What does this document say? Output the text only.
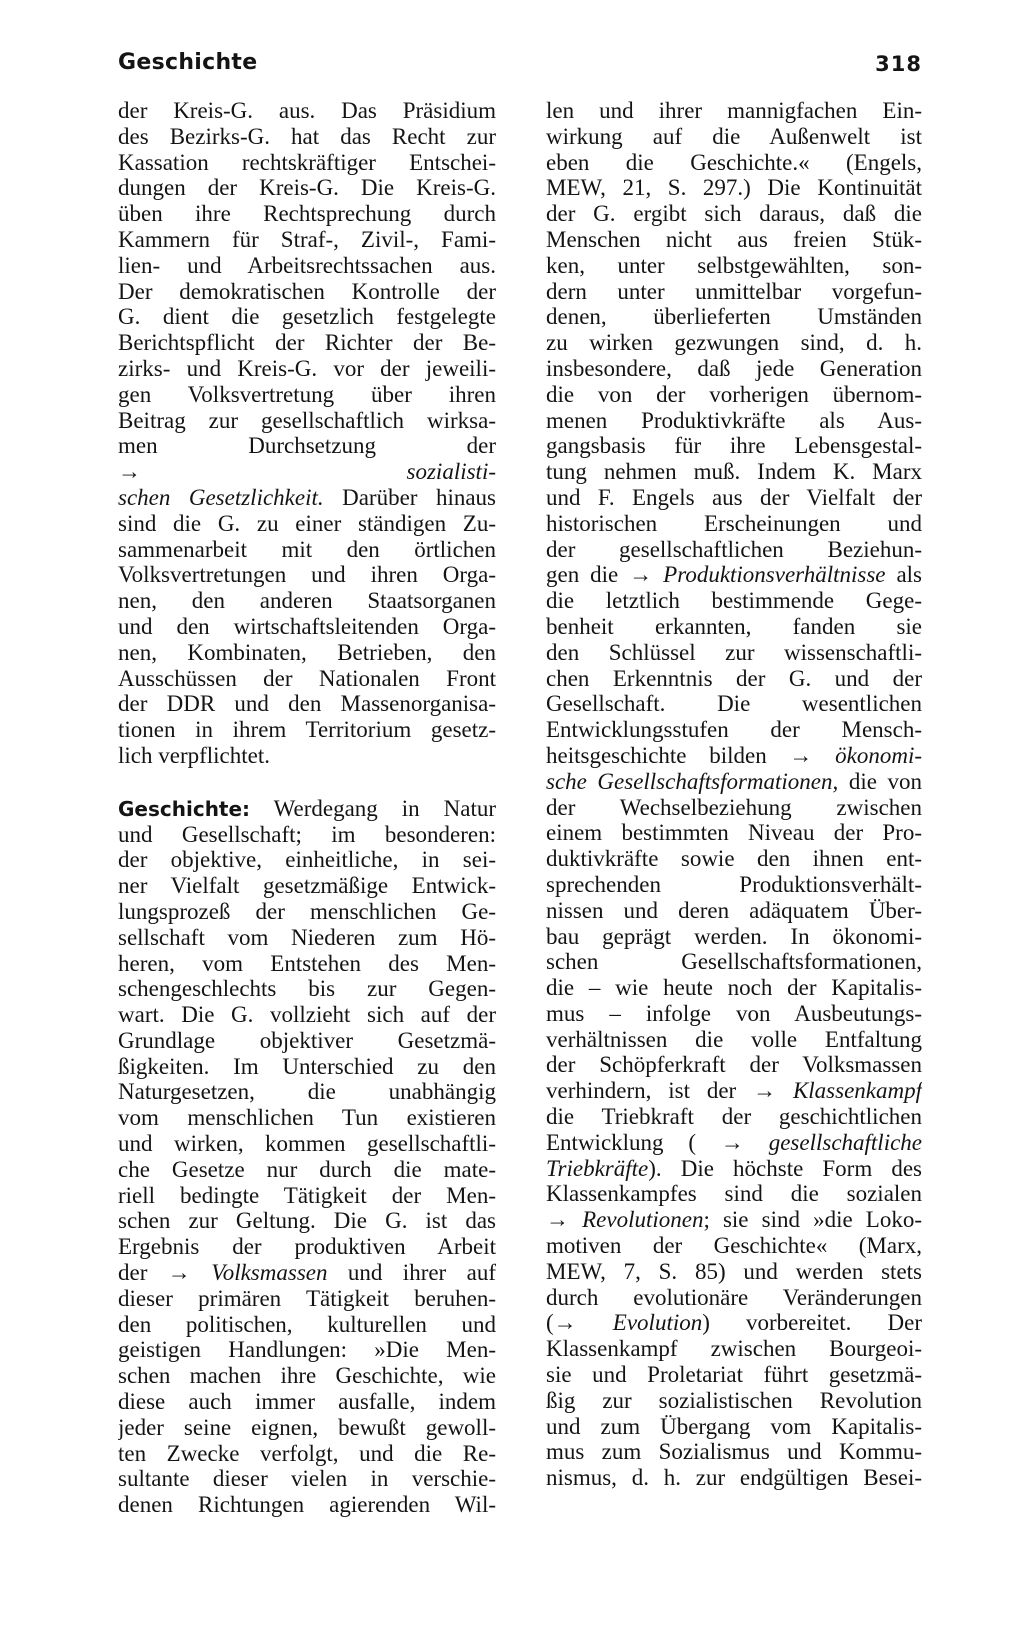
Geschichte	318
der Kreis-G. aus. Das Präsidium
des Bezirks-G. hat das Recht zur
Kassation rechtskräftiger Entschei-
dungen der Kreis-G. Die Kreis-G.
üben ihre Rechtsprechung durch
Kammern für Straf-, Zivil-, Fami-
lien- und Arbeitsrechtssachen aus.
Der demokratischen Kontrolle der
G. dient die gesetzlich festgelegte
Berichtspflicht der Richter der Be-
zirks- und Kreis-G. vor der jeweili-
gen Volksvertretung über ihren
Beitrag zur gesellschaftlich wirksa-
men Durchsetzung der
→	sozialisti-
schen Gesetzlichkeit. Darüber hinaus
sind die G. zu einer ständigen Zu-
sammenarbeit mit den örtlichen
Volksvertretungen und ihren Orga-
nen, den anderen Staatsorganen
und den wirtschaftsleitenden Orga-
nen, Kombinaten, Betrieben, den
Ausschüssen der Nationalen Front
der DDR und den Massenorganisa-
tionen in ihrem Territorium gesetz-
lich verpflichtet.
Geschichte: Werdegang in Natur
und Gesellschaft; im besonderen:
der objektive, einheitliche, in sei-
ner Vielfalt gesetzmäßige Entwick-
lungsprozeß der menschlichen Ge-
sellschaft vom Niederen zum Hö-
heren, vom Entstehen des Men-
schengeschlechts bis zur Gegen-
wart. Die G. vollzieht sich auf der
Grundlage objektiver Gesetzmä-
ßigkeiten. Im Unterschied zu den
Naturgesetzen, die unabhängig
vom menschlichen Tun existieren
und wirken, kommen gesellschaftli-
che Gesetze nur durch die mate-
riell bedingte Tätigkeit der Men-
schen zur Geltung. Die G. ist das
Ergebnis der produktiven Arbeit
der → Volksmassen und ihrer auf
dieser primären Tätigkeit beruhen-
den politischen, kulturellen und
geistigen Handlungen: »Die Men-
schen machen ihre Geschichte, wie
diese auch immer ausfalle, indem
jeder seine eignen, bewußt gewoll-
ten Zwecke verfolgt, und die Re-
sultante dieser vielen in verschie-
denen Richtungen agierenden Wil-
len und ihrer mannigfachen Ein-
wirkung auf die Außenwelt ist
eben die Geschichte.« (Engels,
MEW, 21, S. 297.) Die Kontinuität
der G. ergibt sich daraus, daß die
Menschen nicht aus freien Stük-
ken, unter selbstgewählten, son-
dern unter unmittelbar vorgefun-
denen, überlieferten Umständen
zu wirken gezwungen sind, d. h.
insbesondere, daß jede Generation
die von der vorherigen übernom-
menen Produktivkräfte als Aus-
gangsbasis für ihre Lebensgestal-
tung nehmen muß. Indem K. Marx
und F. Engels aus der Vielfalt der
historischen Erscheinungen und
der gesellschaftlichen Beziehun-
gen die → Produktionsverhältnisse als
die letztlich bestimmende Gege-
benheit erkannten, fanden sie
den Schlüssel zur wissenschaftli-
chen Erkenntnis der G. und der
Gesellschaft. Die wesentlichen
Entwicklungsstufen der Mensch-
heitsgeschichte bilden → ökonomi-
sche Gesellschaftsformationen, die von
der Wechselbeziehung zwischen
einem bestimmten Niveau der Pro-
duktivkräfte sowie den ihnen ent-
sprechenden Produktionsverhält-
nissen und deren adäquatem Über-
bau geprägt werden. In ökonomi-
schen Gesellschaftsformationen,
die – wie heute noch der Kapitalis-
mus – infolge von Ausbeutungs-
verhältnissen die volle Entfaltung
der Schöpferkraft der Volksmassen
verhindern, ist der → Klassenkampf
die Triebkraft der geschichtlichen
Entwicklung ( → gesellschaftliche
Triebkräfte). Die höchste Form des
Klassenkampfes sind die sozialen
→ Revolutionen; sie sind »die Loko-
motiven der Geschichte« (Marx,
MEW, 7, S. 85) und werden stets
durch evolutionäre Veränderungen
(→ Evolution) vorbereitet. Der
Klassenkampf zwischen Bourgeoi-
sie und Proletariat führt gesetzmä-
ßig zur sozialistischen Revolution
und zum Übergang vom Kapitalis-
mus zum Sozialismus und Kommu-
nismus, d. h. zur endgültigen Besei-
